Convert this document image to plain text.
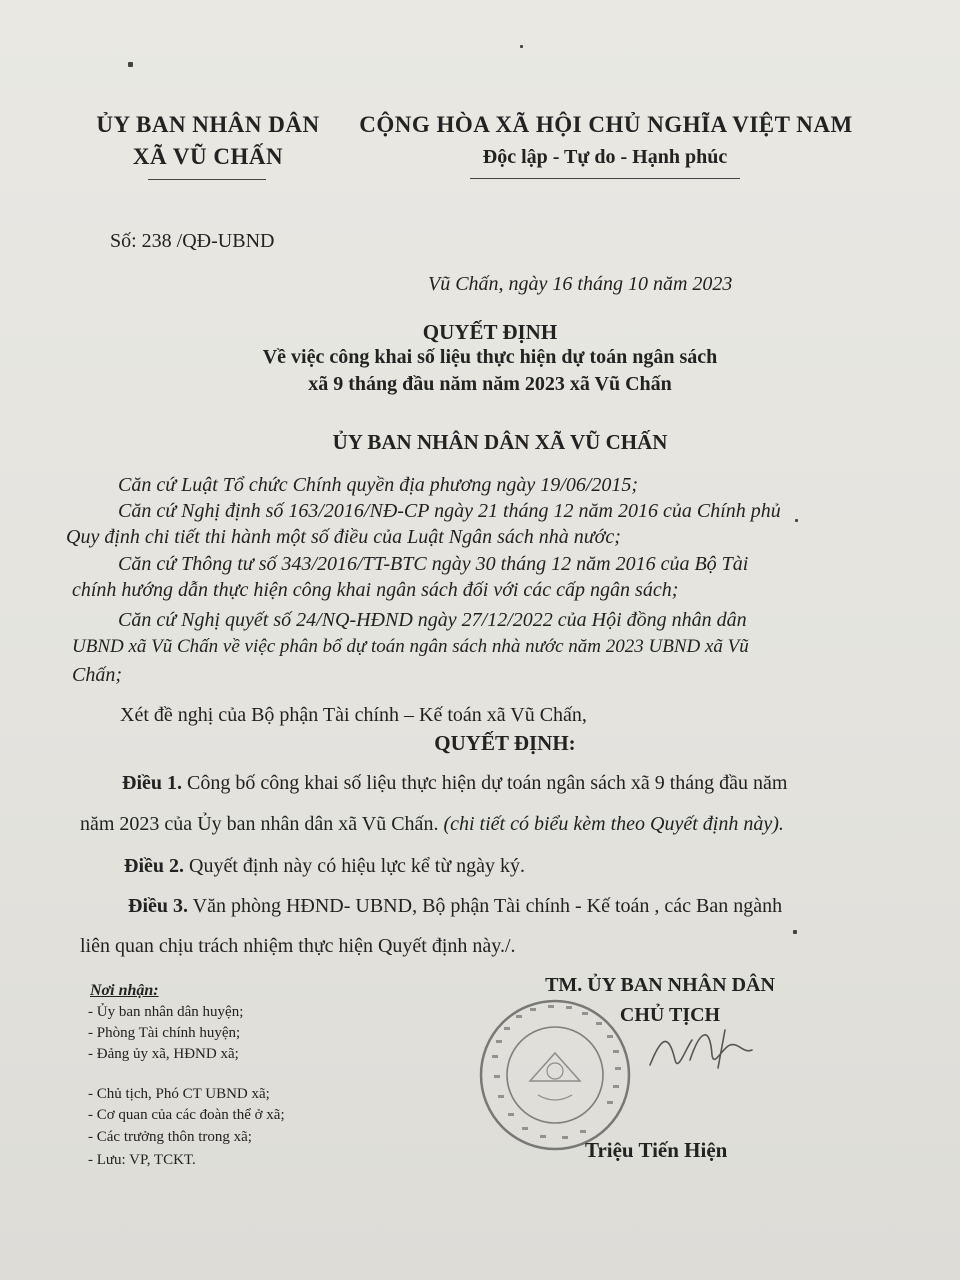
ỦY BAN NHÂN DÂN
XÃ VŨ CHẤN
CỘNG HÒA XÃ HỘI CHỦ NGHĨA VIỆT NAM
Độc lập - Tự do - Hạnh phúc
Số: 238 /QĐ-UBND
Vũ Chấn, ngày 16 tháng 10 năm 2023
QUYẾT ĐỊNH
Về việc công khai số liệu thực hiện dự toán ngân sách
xã 9 tháng đầu năm năm 2023 xã Vũ Chấn
ỦY BAN NHÂN DÂN XÃ VŨ CHẤN
Căn cứ Luật Tổ chức Chính quyền địa phương ngày 19/06/2015;
Căn cứ Nghị định số 163/2016/NĐ-CP ngày 21 tháng 12 năm 2016 của Chính phủ
Quy định chi tiết thi hành một số điều của Luật Ngân sách nhà nước;
Căn cứ Thông tư số 343/2016/TT-BTC ngày 30 tháng 12 năm 2016 của Bộ Tài
chính hướng dẫn thực hiện công khai ngân sách đối với các cấp ngân sách;
Căn cứ Nghị quyết số 24/NQ-HĐND ngày 27/12/2022 của Hội đồng nhân dân
UBND xã Vũ Chấn về việc phân bổ dự toán ngân sách nhà nước năm 2023 UBND xã Vũ
Chấn;
Xét đề nghị của Bộ phận Tài chính – Kế toán xã Vũ Chấn,
QUYẾT ĐỊNH:
Điều 1. Công bố công khai số liệu thực hiện dự toán ngân sách xã 9 tháng đầu năm
năm 2023 của Ủy ban nhân dân xã Vũ Chấn. (chi tiết có biểu kèm theo Quyết định này).
Điều 2. Quyết định này có hiệu lực kể từ ngày ký.
Điều 3. Văn phòng HĐND- UBND, Bộ phận Tài chính - Kế toán , các Ban ngành
liên quan chịu trách nhiệm thực hiện Quyết định này./.
Nơi nhận:
- Ủy ban nhân dân huyện;
- Phòng Tài chính huyện;
- Đảng ủy xã, HĐND xã;
- Chủ tịch, Phó CT UBND xã;
- Cơ quan của các đoàn thể ở xã;
- Các trưởng thôn trong xã;
- Lưu: VP, TCKT.
TM. ỦY BAN NHÂN DÂN
CHỦ TỊCH
Triệu Tiến Hiện
